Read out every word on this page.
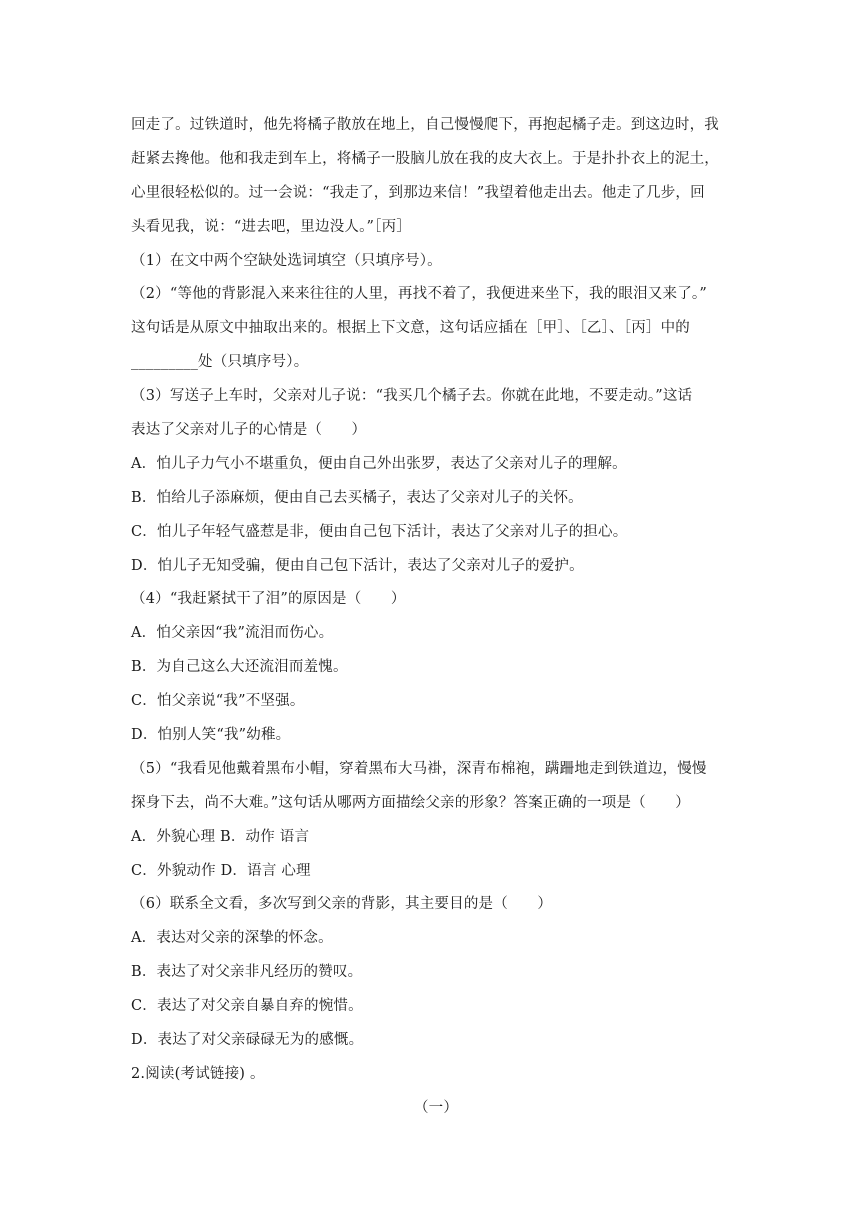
回走了。过铁道时，他先将橘子散放在地上，自己慢慢爬下，再抱起橘子走。到这边时，我
赶紧去搀他。他和我走到车上，将橘子一股脑儿放在我的皮大衣上。于是扑扑衣上的泥土，
心里很轻松似的。过一会说：“我走了，到那边来信！”我望着他走出去。他走了几步，回
头看见我，说：“进去吧，里边没人。”［丙］
（1）在文中两个空缺处选词填空（只填序号）。
（2）“等他的背影混入来来往往的人里，再找不着了，我便进来坐下，我的眼泪又来了。”
这句话是从原文中抽取出来的。根据上下文意，这句话应插在［甲］、［乙］、［丙］中的
_________处（只填序号）。
（3）写送子上车时，父亲对儿子说：“我买几个橘子去。你就在此地，不要走动。”这话
表达了父亲对儿子的心情是（　　）
A．怕儿子力气小不堪重负，便由自己外出张罗，表达了父亲对儿子的理解。
B．怕给儿子添麻烦，便由自己去买橘子，表达了父亲对儿子的关怀。
C．怕儿子年轻气盛惹是非，便由自己包下活计，表达了父亲对儿子的担心。
D．怕儿子无知受骗，便由自己包下活计，表达了父亲对儿子的爱护。
（4）“我赶紧拭干了泪”的原因是（　　）
A．怕父亲因“我”流泪而伤心。
B．为自己这么大还流泪而羞愧。
C．怕父亲说“我”不坚强。
D．怕别人笑“我”幼稚。
（5）“我看见他戴着黑布小帽，穿着黑布大马褂，深青布棉袍，蹒跚地走到铁道边，慢慢
探身下去，尚不大难。”这句话从哪两方面描绘父亲的形象？答案正确的一项是（　　）
A．外貌心理 B．动作 语言
C．外貌动作 D．语言 心理
（6）联系全文看，多次写到父亲的背影，其主要目的是（　　）
A．表达对父亲的深挚的怀念。
B．表达了对父亲非凡经历的赞叹。
C．表达了对父亲自暴自弃的惋惜。
D．表达了对父亲碌碌无为的感慨。
2.阅读(考试链接) 。
（一）
